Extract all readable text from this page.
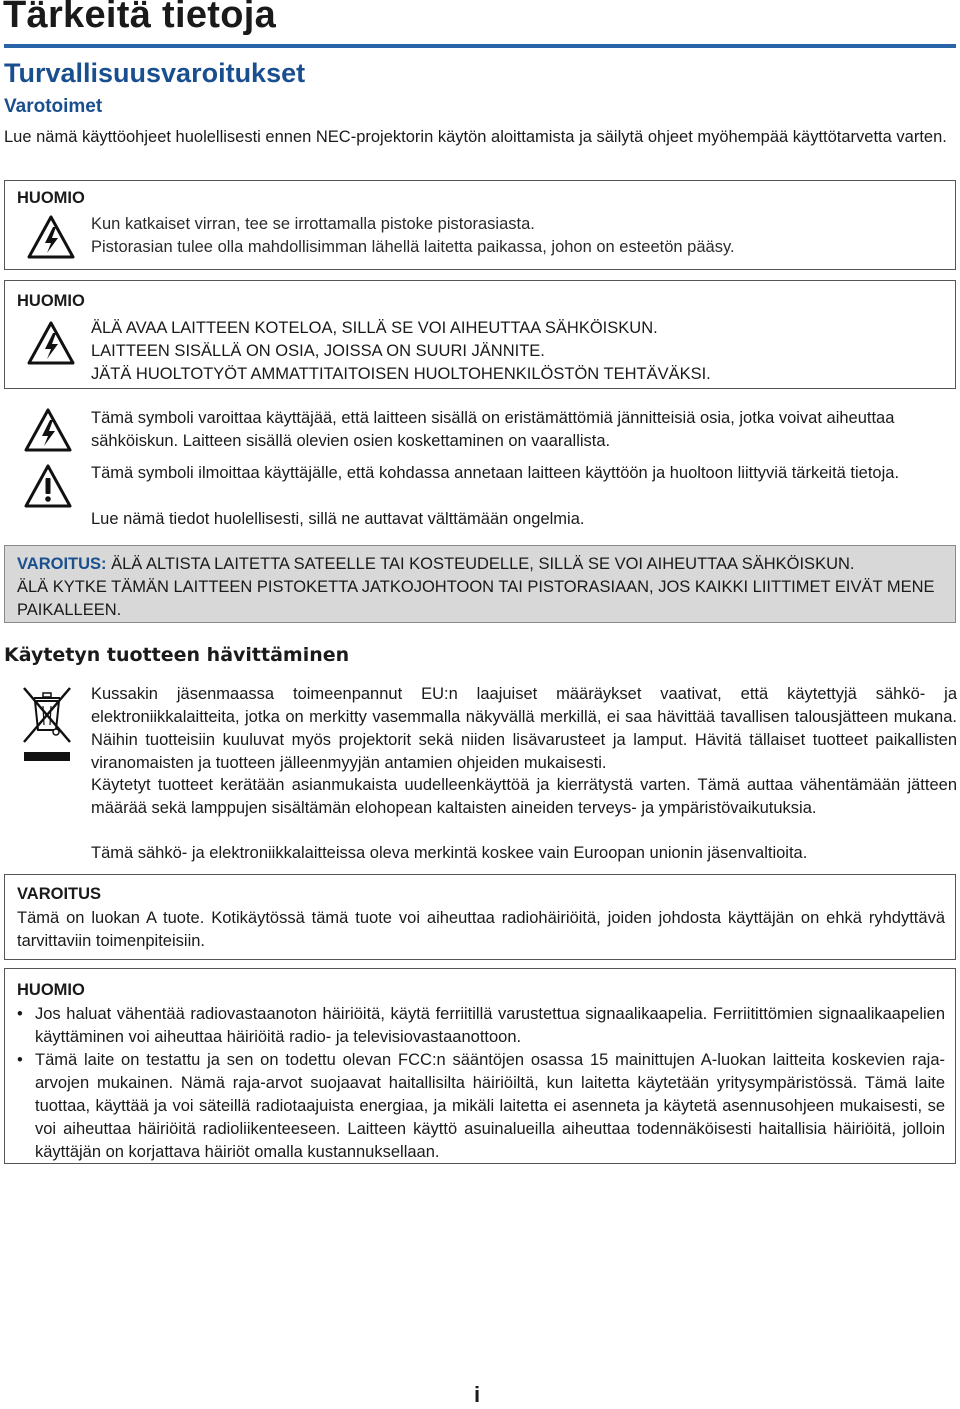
Tärkeitä tietoja
Turvallisuusvaroitukset
Varotoimet
Lue nämä käyttöohjeet huolellisesti ennen NEC-projektorin käytön aloittamista ja säilytä ohjeet myöhempää käyttötarvetta varten.
HUOMIO
Kun katkaiset virran, tee se irrottamalla pistoke pistorasiasta.
Pistorasian tulee olla mahdollisimman lähellä laitetta paikassa, johon on esteetön pääsy.
HUOMIO
ÄLÄ AVAA LAITTEEN KOTELOA, SILLÄ SE VOI AIHEUTTAA SÄHKÖISKUN.
LAITTEEN SISÄLLÄ ON OSIA, JOISSA ON SUURI JÄNNITE.
JÄTÄ HUOLTOTYÖT AMMATTITAITOISEN HUOLTOHENKILÖSTÖN TEHTÄVÄKSI.
Tämä symboli varoittaa käyttäjää, että laitteen sisällä on eristämättömiä jännitteisiä osia, jotka voivat aiheuttaa sähköiskun. Laitteen sisällä olevien osien koskettaminen on vaarallista.
Tämä symboli ilmoittaa käyttäjälle, että kohdassa annetaan laitteen käyttöön ja huoltoon liittyviä tärkeitä tietoja.
Lue nämä tiedot huolellisesti, sillä ne auttavat välttämään ongelmia.
VAROITUS: ÄLÄ ALTISTA LAITETTA SATEELLE TAI KOSTEUDELLE, SILLÄ SE VOI AIHEUTTAA SÄHKÖISKUN.
ÄLÄ KYTKE TÄMÄN LAITTEEN PISTOKETTA JATKOJOHTOON TAI PISTORASIAAN, JOS KAIKKI LIITTIMET EIVÄT MENE PAIKALLEEN.
Käytetyn tuotteen hävittäminen
Kussakin jäsenmaassa toimeenpannut EU:n laajuiset määräykset vaativat, että käytettyjä sähkö- ja elektroniikkalaitteita, jotka on merkitty vasemmalla näkyvällä merkillä, ei saa hävittää tavallisen talousjätteen mukana. Näihin tuotteisiin kuuluvat myös projektorit sekä niiden lisävarusteet ja lamput. Hävitä tällaiset tuotteet paikallisten viranomaisten ja tuotteen jälleenmyyjän antamien ohjeiden mukaisesti.
Käytetyt tuotteet kerätään asianmukaista uudelleenkäyttöä ja kierrätystä varten. Tämä auttaa vähentämään jätteen määrää sekä lamppujen sisältämän elohopean kaltaisten aineiden terveys- ja ympäristövaikutuksia.
Tämä sähkö- ja elektroniikkalaitteissa oleva merkintä koskee vain Euroopan unionin jäsenvaltioita.
VAROITUS
Tämä on luokan A tuote. Kotikäytössä tämä tuote voi aiheuttaa radiohäiriöitä, joiden johdosta käyttäjän on ehkä ryhdyttävä tarvittaviin toimenpiteisiin.
HUOMIO
• Jos haluat vähentää radiovastaanoton häiriöitä, käytä ferriitillä varustettua signaalikaapelia. Ferriitittömien signaalikaapelien käyttäminen voi aiheuttaa häiriöitä radio- ja televisiovastaanottoon.
• Tämä laite on testattu ja sen on todettu olevan FCC:n sääntöjen osassa 15 mainittujen A-luokan laitteita koskevien raja-arvojen mukainen. Nämä raja-arvot suojaavat haitallisilta häiriöiltä, kun laitetta käytetään yritysympäristössä. Tämä laite tuottaa, käyttää ja voi säteillä radiotaajuista energiaa, ja mikäli laitetta ei asenneta ja käytetä asennusohjeen mukaisesti, se voi aiheuttaa häiriöitä radioliikenteeseen. Laitteen käyttö asuinalueilla aiheuttaa todennäköisesti haitallisia häiriöitä, jolloin käyttäjän on korjattava häiriöt omalla kustannuksellaan.
i
